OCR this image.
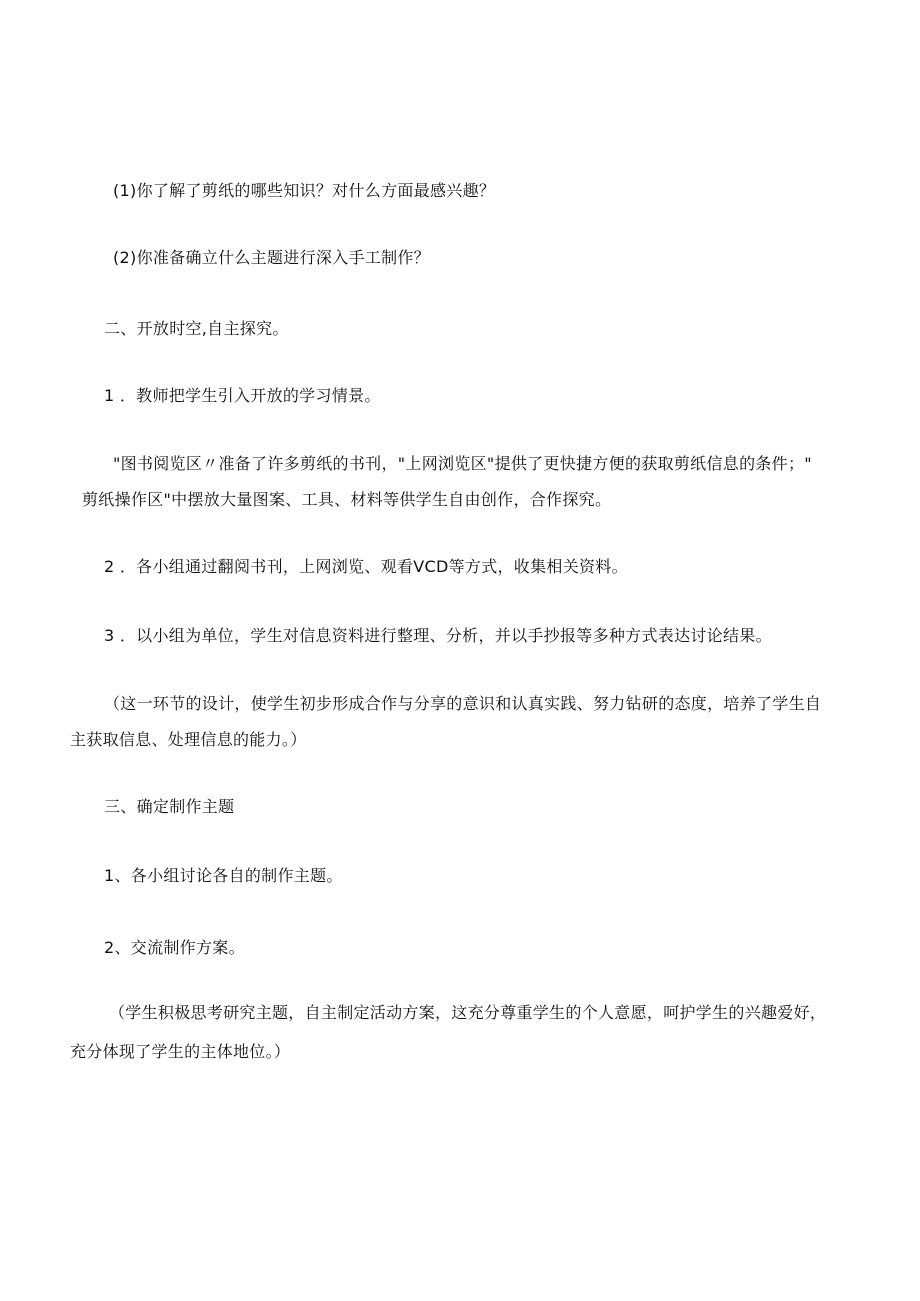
(1)你了解了剪纸的哪些知识？对什么方面最感兴趣？
(2)你准备确立什么主题进行深入手工制作？
二、开放时空,自主探究。
1 ．教师把学生引入开放的学习情景。
"图书阅览区〃准备了许多剪纸的书刊，"上网浏览区"提供了更快捷方便的获取剪纸信息的条件；"
剪纸操作区"中摆放大量图案、工具、材料等供学生自由创作，合作探究。
2 ．各小组通过翻阅书刊，上网浏览、观看VCD等方式，收集相关资料。
3 ．以小组为单位，学生对信息资料进行整理、分析，并以手抄报等多种方式表达讨论结果。
（这一环节的设计，使学生初步形成合作与分享的意识和认真实践、努力钻研的态度，培养了学生自
主获取信息、处理信息的能力。）
三、确定制作主题
1、各小组讨论各自的制作主题。
2、交流制作方案。
（学生积极思考研究主题，自主制定活动方案，这充分尊重学生的个人意愿，呵护学生的兴趣爱好，
充分体现了学生的主体地位。）
